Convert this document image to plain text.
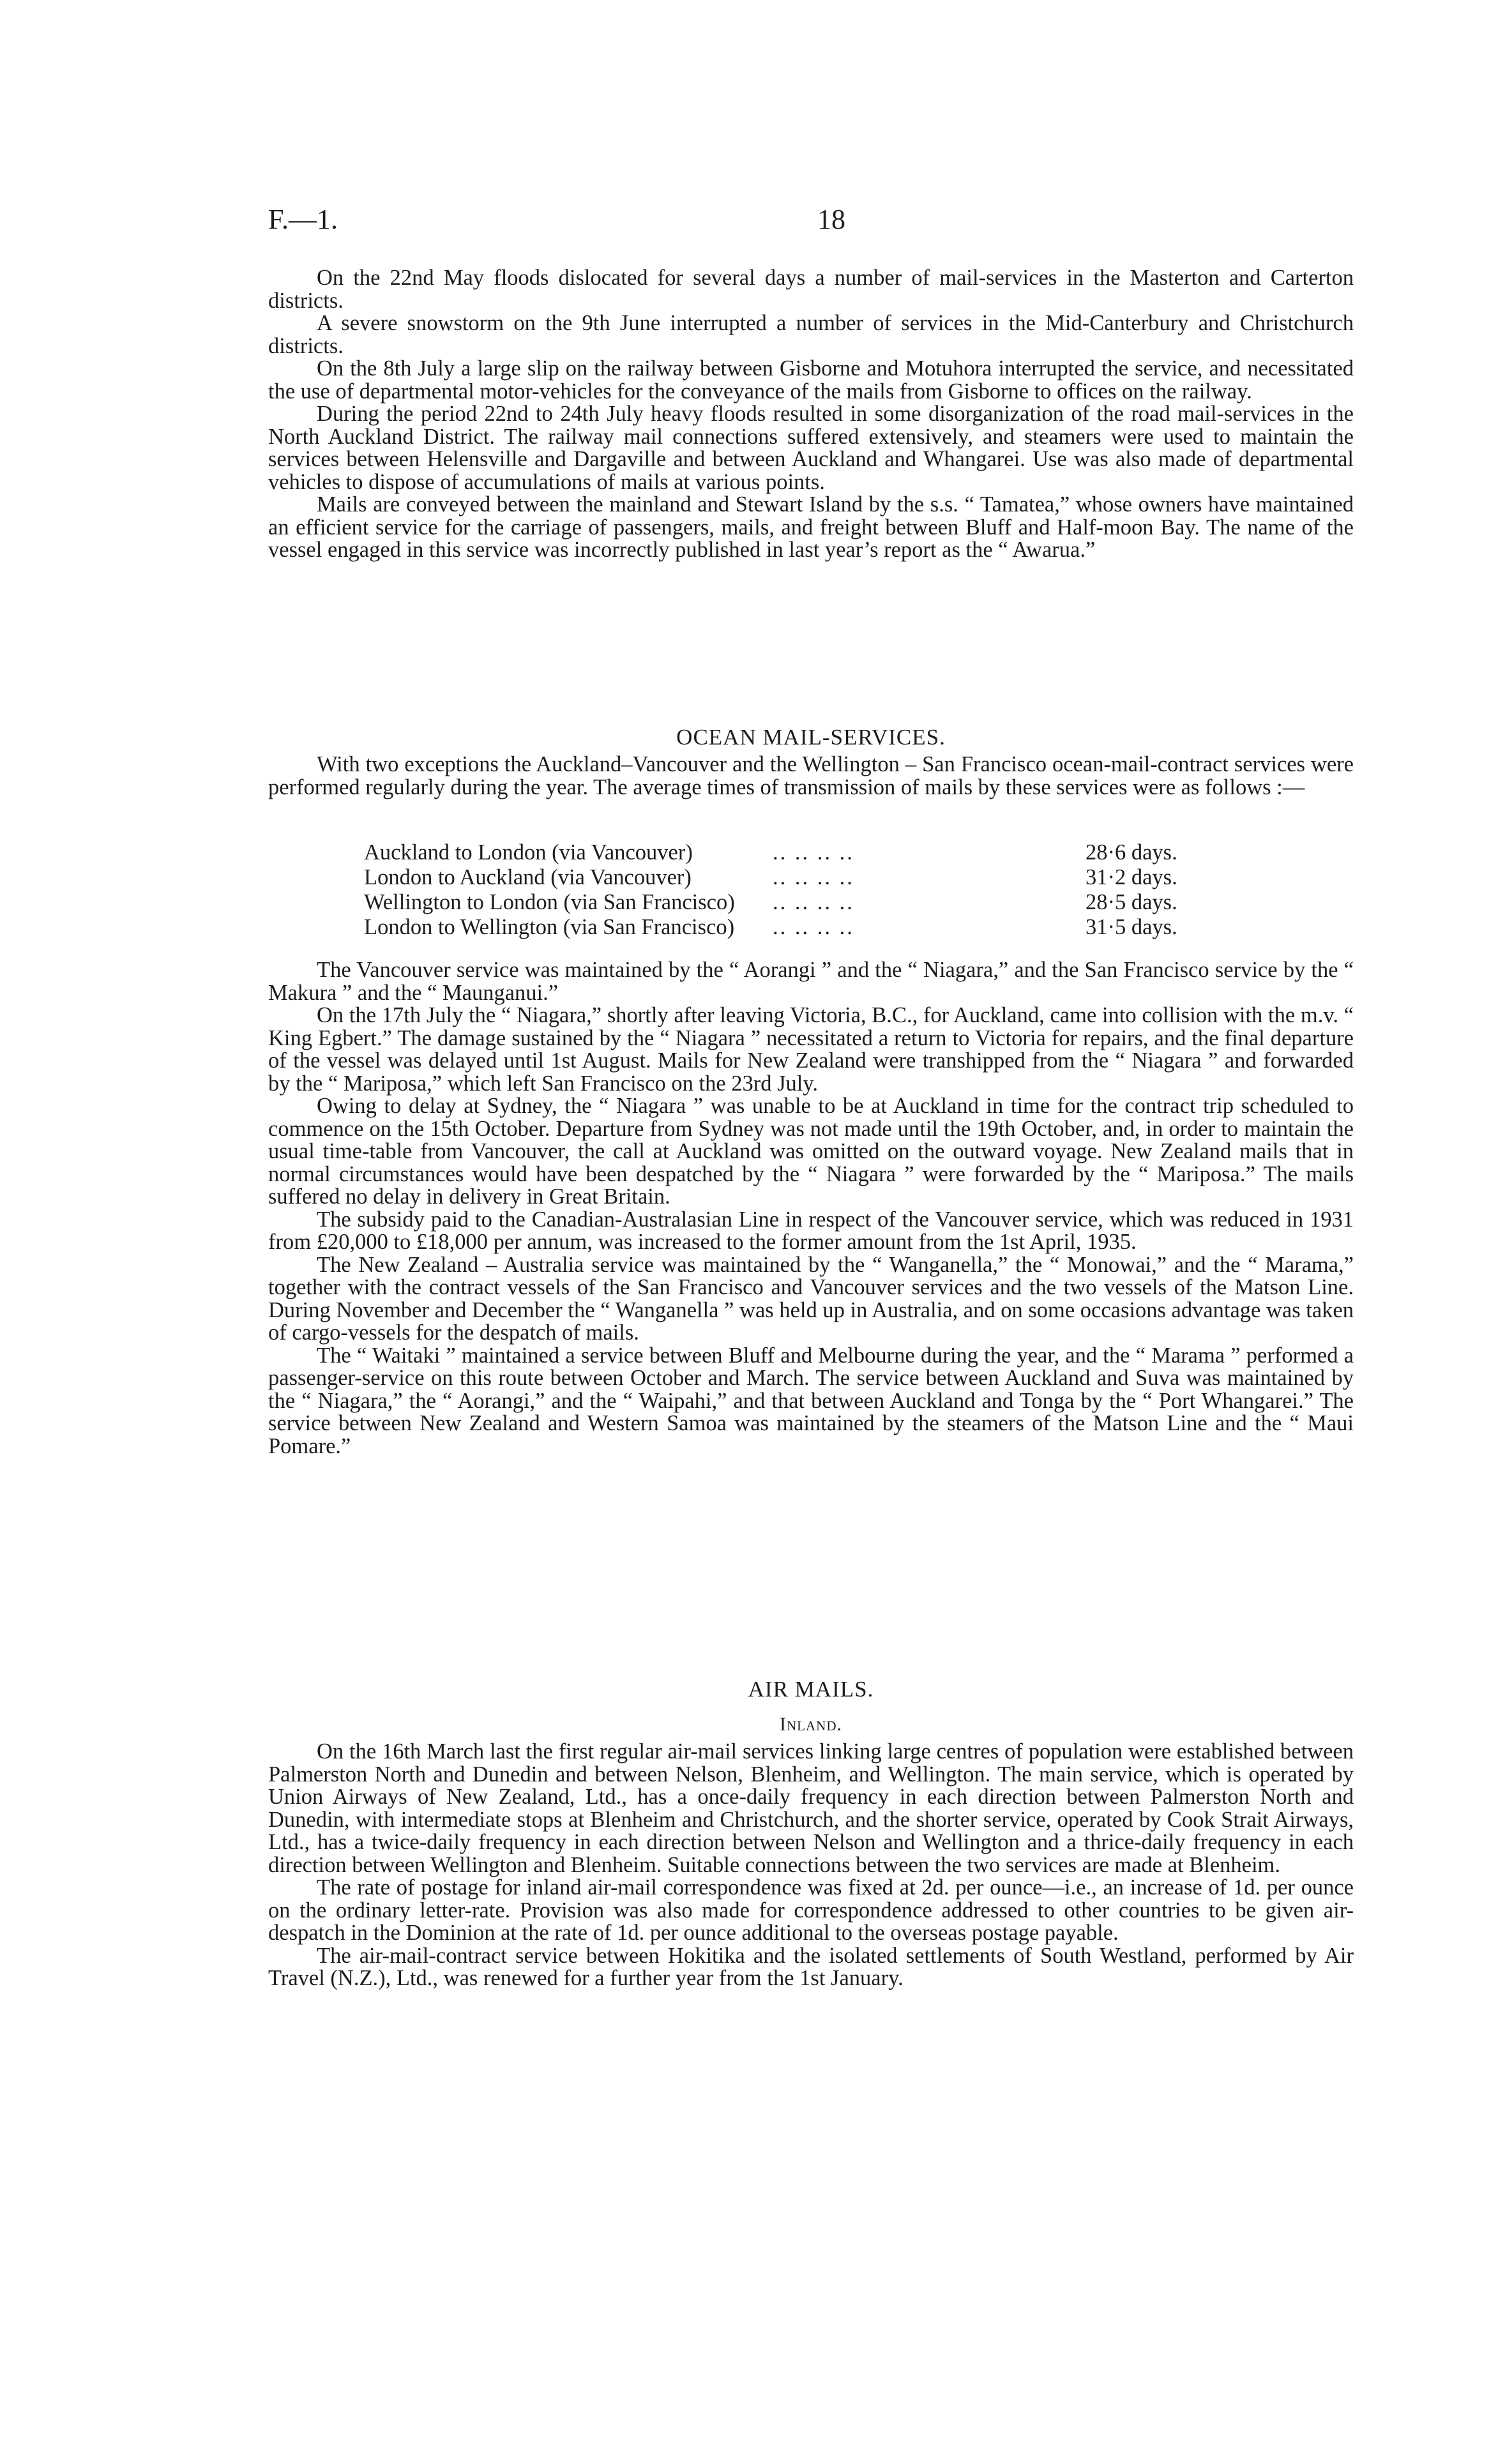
F.—1.	18

On the 22nd May floods dislocated for several days a number of mail-services in the Masterton and Carterton districts.

A severe snowstorm on the 9th June interrupted a number of services in the Mid-Canterbury and Christchurch districts.

On the 8th July a large slip on the railway between Gisborne and Motuhora interrupted the service, and necessitated the use of departmental motor-vehicles for the conveyance of the mails from Gisborne to offices on the railway.

During the period 22nd to 24th July heavy floods resulted in some disorganization of the road mail-services in the North Auckland District. The railway mail connections suffered extensively, and steamers were used to maintain the services between Helensville and Dargaville and between Auckland and Whangarei. Use was also made of departmental vehicles to dispose of accumulations of mails at various points.

Mails are conveyed between the mainland and Stewart Island by the s.s. “ Tamatea,” whose owners have maintained an efficient service for the carriage of passengers, mails, and freight between Bluff and Half-moon Bay. The name of the vessel engaged in this service was incorrectly published in last year’s report as the “ Awarua.”

OCEAN MAIL-SERVICES.

With two exceptions the Auckland–Vancouver and the Wellington – San Francisco ocean-mail-contract services were performed regularly during the year. The average times of transmission of mails by these services were as follows :—

Auckland to London (via Vancouver)	.. .. .. ..	28·6 days.
London to Auckland (via Vancouver)	.. .. .. ..	31·2 days.
Wellington to London (via San Francisco)	.. .. .. ..	28·5 days.
London to Wellington (via San Francisco)	.. .. .. ..	31·5 days.

The Vancouver service was maintained by the “ Aorangi ” and the “ Niagara,” and the San Francisco service by the “ Makura ” and the “ Maunganui.”

On the 17th July the “ Niagara,” shortly after leaving Victoria, B.C., for Auckland, came into collision with the m.v. “ King Egbert.” The damage sustained by the “ Niagara ” necessitated a return to Victoria for repairs, and the final departure of the vessel was delayed until 1st August. Mails for New Zealand were transhipped from the “ Niagara ” and forwarded by the “ Mariposa,” which left San Francisco on the 23rd July.

Owing to delay at Sydney, the “ Niagara ” was unable to be at Auckland in time for the contract trip scheduled to commence on the 15th October. Departure from Sydney was not made until the 19th October, and, in order to maintain the usual time-table from Vancouver, the call at Auckland was omitted on the outward voyage. New Zealand mails that in normal circumstances would have been despatched by the “ Niagara ” were forwarded by the “ Mariposa.” The mails suffered no delay in delivery in Great Britain.

The subsidy paid to the Canadian-Australasian Line in respect of the Vancouver service, which was reduced in 1931 from £20,000 to £18,000 per annum, was increased to the former amount from the 1st April, 1935.

The New Zealand – Australia service was maintained by the “ Wanganella,” the “ Monowai,” and the “ Marama,” together with the contract vessels of the San Francisco and Vancouver services and the two vessels of the Matson Line. During November and December the “ Wanganella ” was held up in Australia, and on some occasions advantage was taken of cargo-vessels for the despatch of mails.

The “ Waitaki ” maintained a service between Bluff and Melbourne during the year, and the “ Marama ” performed a passenger-service on this route between October and March. The service between Auckland and Suva was maintained by the “ Niagara,” the “ Aorangi,” and the “ Waipahi,” and that between Auckland and Tonga by the “ Port Whangarei.” The service between New Zealand and Western Samoa was maintained by the steamers of the Matson Line and the “ Maui Pomare.”

AIR MAILS.
Inland.

On the 16th March last the first regular air-mail services linking large centres of population were established between Palmerston North and Dunedin and between Nelson, Blenheim, and Wellington. The main service, which is operated by Union Airways of New Zealand, Ltd., has a once-daily frequency in each direction between Palmerston North and Dunedin, with intermediate stops at Blenheim and Christchurch, and the shorter service, operated by Cook Strait Airways, Ltd., has a twice-daily frequency in each direction between Nelson and Wellington and a thrice-daily frequency in each direction between Wellington and Blenheim. Suitable connections between the two services are made at Blenheim.

The rate of postage for inland air-mail correspondence was fixed at 2d. per ounce—i.e., an increase of 1d. per ounce on the ordinary letter-rate. Provision was also made for correspondence addressed to other countries to be given air-despatch in the Dominion at the rate of 1d. per ounce additional to the overseas postage payable.

The air-mail-contract service between Hokitika and the isolated settlements of South Westland, performed by Air Travel (N.Z.), Ltd., was renewed for a further year from the 1st January.
